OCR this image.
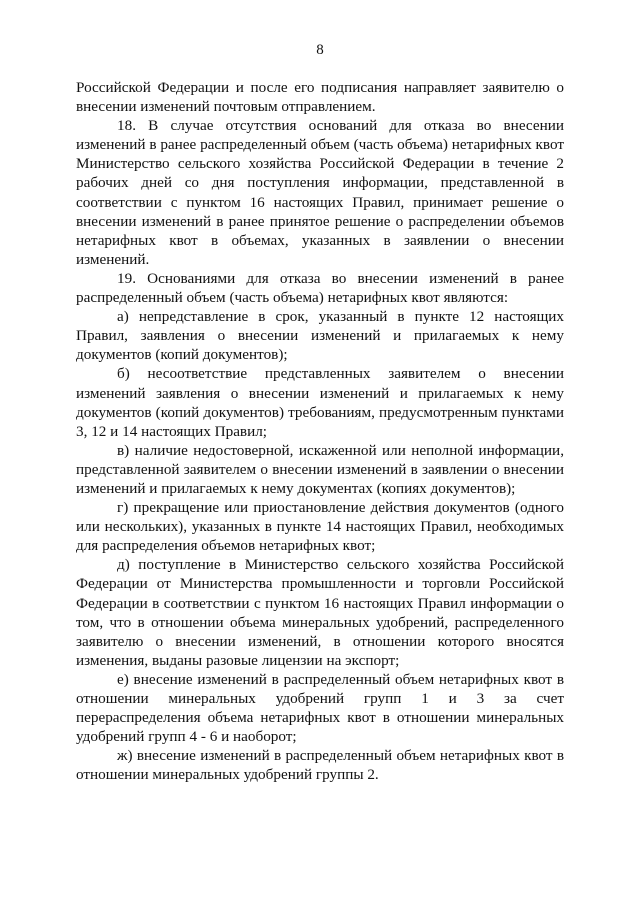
8

Российской Федерации и после его подписания направляет заявителю о внесении изменений почтовым отправлением.

18. В случае отсутствия оснований для отказа во внесении изменений в ранее распределенный объем (часть объема) нетарифных квот Министерство сельского хозяйства Российской Федерации в течение 2 рабочих дней со дня поступления информации, представленной в соответствии с пунктом 16 настоящих Правил, принимает решение о внесении изменений в ранее принятое решение о распределении объемов нетарифных квот в объемах, указанных в заявлении о внесении изменений.

19. Основаниями для отказа во внесении изменений в ранее распределенный объем (часть объема) нетарифных квот являются:

а) непредставление в срок, указанный в пункте 12 настоящих Правил, заявления о внесении изменений и прилагаемых к нему документов (копий документов);

б) несоответствие представленных заявителем о внесении изменений заявления о внесении изменений и прилагаемых к нему документов (копий документов) требованиям, предусмотренным пунктами 3, 12 и 14 настоящих Правил;

в) наличие недостоверной, искаженной или неполной информации, представленной заявителем о внесении изменений в заявлении о внесении изменений и прилагаемых к нему документах (копиях документов);

г) прекращение или приостановление действия документов (одного или нескольких), указанных в пункте 14 настоящих Правил, необходимых для распределения объемов нетарифных квот;

д) поступление в Министерство сельского хозяйства Российской Федерации от Министерства промышленности и торговли Российской Федерации в соответствии с пунктом 16 настоящих Правил информации о том, что в отношении объема минеральных удобрений, распределенного заявителю о внесении изменений, в отношении которого вносятся изменения, выданы разовые лицензии на экспорт;

е) внесение изменений в распределенный объем нетарифных квот в отношении минеральных удобрений групп 1 и 3 за счет перераспределения объема нетарифных квот в отношении минеральных удобрений групп 4 - 6 и наоборот;

ж) внесение изменений в распределенный объем нетарифных квот в отношении минеральных удобрений группы 2.
